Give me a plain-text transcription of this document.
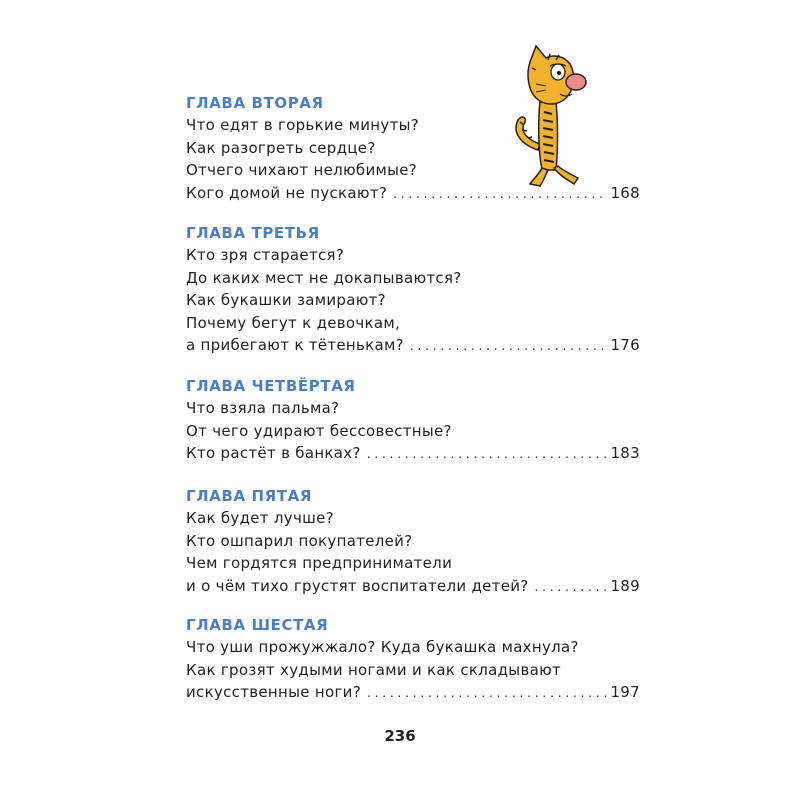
ГЛАВА ВТОРАЯ
Что едят в горькие минуты?
Как разогреть сердце?
Отчего чихают нелюбимые?
Кого домой не пускают? . . .	168
ГЛАВА ТРЕТЬЯ
Кто зря старается?
До каких мест не докапываются?
Как букашки замирают?
Почему бегут к девочкам,
а прибегают к тётенькам? . . .	176
ГЛАВА ЧЕТВЁРТАЯ
Что взяла пальма?
От чего удирают бессовестные?
Кто растёт в банках? . . .	183
ГЛАВА ПЯТАЯ
Как будет лучше?
Кто ошпарил покупателей?
Чем гордятся предприниматели
и о чём тихо грустят воспитатели детей? . . .	189
ГЛАВА ШЕСТАЯ
Что уши прожужжало? Куда букашка махнула?
Как грозят худыми ногами и как складывают
искусственные ноги? . . .	197
236
